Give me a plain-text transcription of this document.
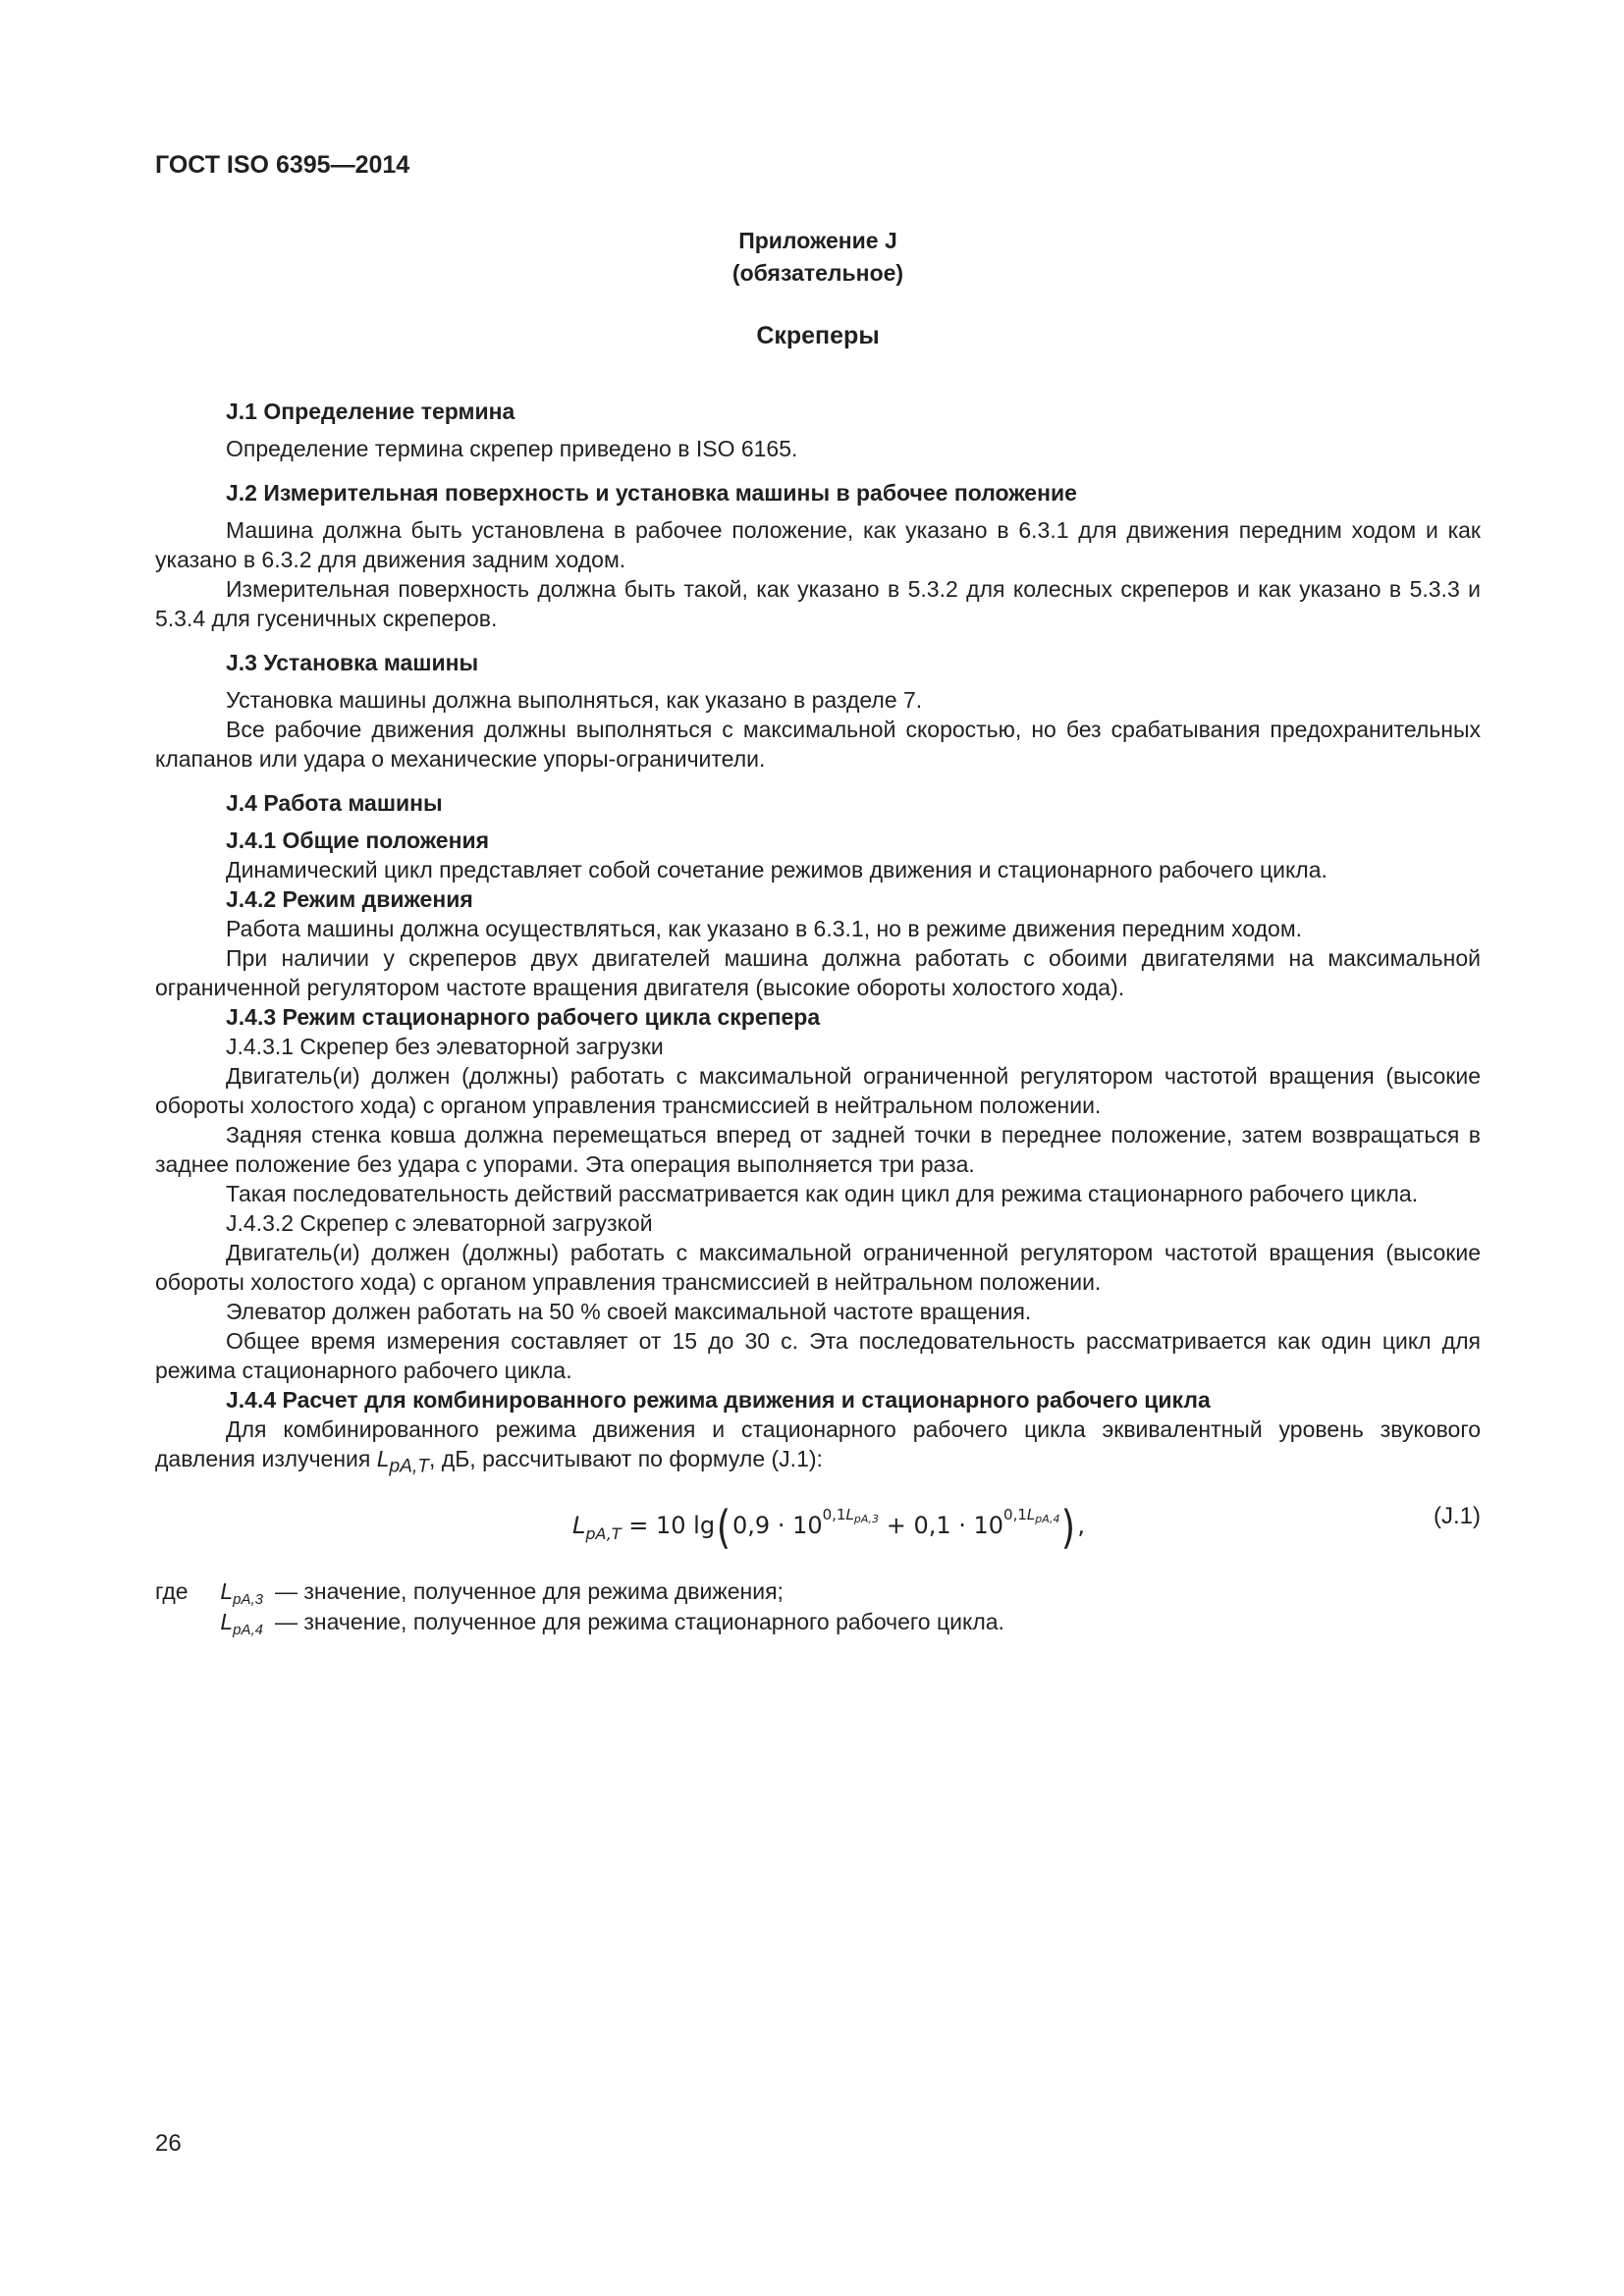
ГОСТ ISO 6395—2014

Приложение J

(обязательное)

Скреперы

J.1 Определение термина

Определение термина скрепер приведено в ISO 6165.

J.2 Измерительная поверхность и установка машины в рабочее положение

Машина должна быть установлена в рабочее положение, как указано в 6.3.1 для движения передним ходом и как указано в 6.3.2 для движения задним ходом.

Измерительная поверхность должна быть такой, как указано в 5.3.2 для колесных скреперов и как указано в 5.3.3 и 5.3.4 для гусеничных скреперов.

J.3 Установка машины

Установка машины должна выполняться, как указано в разделе 7.

Все рабочие движения должны выполняться с максимальной скоростью, но без срабатывания предохранительных клапанов или удара о механические упоры-ограничители.

J.4 Работа машины
J.4.1 Общие положения

Динамический цикл представляет собой сочетание режимов движения и стационарного рабочего цикла.

J.4.2 Режим движения

Работа машины должна осуществляться, как указано в 6.3.1, но в режиме движения передним ходом.

При наличии у скреперов двух двигателей машина должна работать с обоими двигателями на максимальной ограниченной регулятором частоте вращения двигателя (высокие обороты холостого хода).

J.4.3 Режим стационарного рабочего цикла скрепера

J.4.3.1 Скрепер без элеваторной загрузки

Двигатель(и) должен (должны) работать с максимальной ограниченной регулятором частотой вращения (высокие обороты холостого хода) с органом управления трансмиссией в нейтральном положении.

Задняя стенка ковша должна перемещаться вперед от задней точки в переднее положение, затем возвращаться в заднее положение без удара с упорами. Эта операция выполняется три раза.

Такая последовательность действий рассматривается как один цикл для режима стационарного рабочего цикла.

J.4.3.2 Скрепер с элеваторной загрузкой

Двигатель(и) должен (должны) работать с максимальной ограниченной регулятором частотой вращения (высокие обороты холостого хода) с органом управления трансмиссией в нейтральном положении.

Элеватор должен работать на 50 % своей максимальной частоте вращения.

Общее время измерения составляет от 15 до 30 с. Эта последовательность рассматривается как один цикл для режима стационарного рабочего цикла.

J.4.4 Расчет для комбинированного режима движения и стационарного рабочего цикла

Для комбинированного режима движения и стационарного рабочего цикла эквивалентный уровень звукового давления излучения $L_{pA,T}$, дБ, рассчитывают по формуле (J.1):

$L_{pA,T} = 10$ $\lg(0,9 \cdot 10^{0,1L_{pA,3}} + 0,1 \cdot 10^{0,1L_{pA,4}})$,	(J.1)
где $L_{pA,3}$ — значение, полученное для режима движения;
$L_{pA,4}$ — значение, полученное для режима стационарного рабочего цикла.

26
